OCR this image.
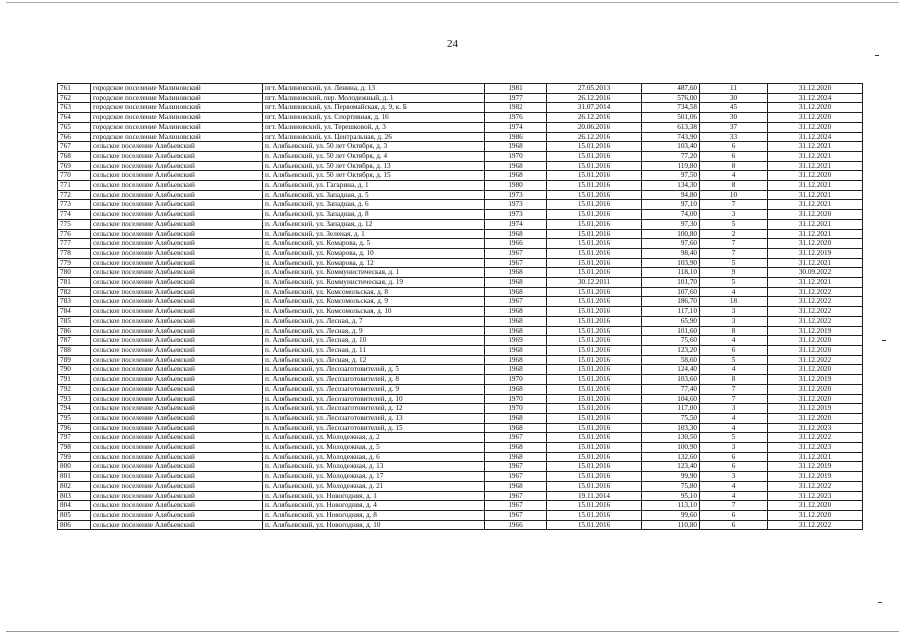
24
761	городское поселение Малиновский	пгт. Малиновский, ул. Ленина, д. 13	1981	27.05.2013	487,60	11	31.12.2020
762	городское поселение Малиновский	пгт. Малиновский, пер. Молодежный, д. 1	1977	26.12.2016	576,00	30	31.12.2024
763	городское поселение Малиновский	пгт. Малиновский, ул. Первомайская, д. 9, к. Б	1982	31.07.2014	734,58	45	31.12.2020
764	городское поселение Малиновский	пгт. Малиновский, ул. Спортивная, д. 16	1976	26.12.2016	501,06	30	31.12.2020
765	городское поселение Малиновский	пгт. Малиновский, ул. Терешковой, д. 3	1974	20.06.2016	613,38	37	31.12.2020
766	городское поселение Малиновский	пгт. Малиновский, ул. Центральная, д. 26	1986	26.12.2016	743,90	33	31.12.2024
767	сельское поселение Алябьевский	п. Алябьевский, ул. 50 лет Октября, д. 3	1968	15.01.2016	103,40	6	31.12.2021
768	сельское поселение Алябьевский	п. Алябьевский, ул. 50 лет Октября, д. 4	1970	15.01.2016	77,20	6	31.12.2021
769	сельское поселение Алябьевский	п. Алябьевский, ул. 50 лет Октября, д. 13	1968	15.01.2016	119,80	8	31.12.2021
770	сельское поселение Алябьевский	п. Алябьевский, ул. 50 лет Октября, д. 15	1968	15.01.2016	97,50	4	31.12.2020
771	сельское поселение Алябьевский	п. Алябьевский, ул. Гагарина, д. 1	1980	15.01.2016	134,30	8	31.12.2021
772	сельское поселение Алябьевский	п. Алябьевский, ул. Западная, д. 5	1973	15.01.2016	94,80	10	31.12.2021
773	сельское поселение Алябьевский	п. Алябьевский, ул. Западная, д. 6	1973	15.01.2016	97,10	7	31.12.2021
774	сельское поселение Алябьевский	п. Алябьевский, ул. Западная, д. 8	1973	15.01.2016	74,00	3	31.12.2020
775	сельское поселение Алябьевский	п. Алябьевский, ул. Западная, д. 12	1974	15.01.2016	97,30	5	31.12.2021
776	сельское поселение Алябьевский	п. Алябьевский, ул. Зеленая, д. 1	1968	15.01.2016	100,80	2	31.12.2021
777	сельское поселение Алябьевский	п. Алябьевский, ул. Комарова, д. 5	1966	15.01.2016	97,60	7	31.12.2020
778	сельское поселение Алябьевский	п. Алябьевский, ул. Комарова, д. 10	1967	15.01.2016	98,40	7	31.12.2019
779	сельское поселение Алябьевский	п. Алябьевский, ул. Комарова, д. 12	1967	15.01.2016	103,90	5	31.12.2021
780	сельское поселение Алябьевский	п. Алябьевский, ул. Коммунистическая, д. 1	1968	15.01.2016	118,10	9	30.09.2022
781	сельское поселение Алябьевский	п. Алябьевский, ул. Коммунистическая, д. 19	1968	30.12.2011	101,70	5	31.12.2021
782	сельское поселение Алябьевский	п. Алябьевский, ул. Комсомольская, д. 8	1968	15.01.2016	107,60	4	31.12.2022
783	сельское поселение Алябьевский	п. Алябьевский, ул. Комсомольская, д. 9	1967	15.01.2016	186,70	18	31.12.2022
784	сельское поселение Алябьевский	п. Алябьевский, ул. Комсомольская, д. 10	1968	15.01.2016	117,10	3	31.12.2022
785	сельское поселение Алябьевский	п. Алябьевский, ул. Лесная, д. 7	1968	15.01.2016	65,90	3	31.12.2022
786	сельское поселение Алябьевский	п. Алябьевский, ул. Лесная, д. 9	1968	15.01.2016	101,60	8	31.12.2019
787	сельское поселение Алябьевский	п. Алябьевский, ул. Лесная, д. 10	1969	15.01.2016	75,60	4	31.12.2020
788	сельское поселение Алябьевский	п. Алябьевский, ул. Лесная, д. 11	1968	15.01.2016	123,20	6	31.12.2020
789	сельское поселение Алябьевский	п. Алябьевский, ул. Лесная, д. 12	1968	15.01.2016	58,60	5	31.12.2022
790	сельское поселение Алябьевский	п. Алябьевский, ул. Лесозаготовителей, д. 5	1968	15.01.2016	124,40	4	31.12.2020
791	сельское поселение Алябьевский	п. Алябьевский, ул. Лесозаготовителей, д. 8	1970	15.01.2016	103,60	8	31.12.2019
792	сельское поселение Алябьевский	п. Алябьевский, ул. Лесозаготовителей, д. 9	1968	15.01.2016	77,40	7	31.12.2020
793	сельское поселение Алябьевский	п. Алябьевский, ул. Лесозаготовителей, д. 10	1970	15.01.2016	104,60	7	31.12.2020
794	сельское поселение Алябьевский	п. Алябьевский, ул. Лесозаготовителей, д. 12	1970	15.01.2016	117,00	3	31.12.2019
795	сельское поселение Алябьевский	п. Алябьевский, ул. Лесозаготовителей, д. 13	1968	15.01.2016	75,50	4	31.12.2020
796	сельское поселение Алябьевский	п. Алябьевский, ул. Лесозаготовителей, д. 15	1968	15.01.2016	103,30	4	31.12.2023
797	сельское поселение Алябьевский	п. Алябьевский, ул. Молодежная, д. 2	1967	15.01.2016	130,50	5	31.12.2022
798	сельское поселение Алябьевский	п. Алябьевский, ул. Молодежная, д. 5	1968	15.01.2016	100,90	3	31.12.2023
799	сельское поселение Алябьевский	п. Алябьевский, ул. Молодежная, д. 6	1968	15.01.2016	132,60	6	31.12.2021
800	сельское поселение Алябьевский	п. Алябьевский, ул. Молодежная, д. 13	1967	15.01.2016	123,40	6	31.12.2019
801	сельское поселение Алябьевский	п. Алябьевский, ул. Молодежная, д. 17	1967	15.01.2016	99,90	3	31.12.2019
802	сельское поселение Алябьевский	п. Алябьевский, ул. Молодежная, д. 21	1968	15.01.2016	75,80	4	31.12.2022
803	сельское поселение Алябьевский	п. Алябьевский, ул. Новогодняя, д. 1	1967	19.11.2014	95,10	4	31.12.2023
804	сельское поселение Алябьевский	п. Алябьевский, ул. Новогодняя, д. 4	1967	15.01.2016	113,10	7	31.12.2020
805	сельское поселение Алябьевский	п. Алябьевский, ул. Новогодняя, д. 8	1967	15.01.2016	99,60	6	31.12.2020
806	сельское поселение Алябьевский	п. Алябьевский, ул. Новогодняя, д. 10	1966	15.01.2016	110,80	6	31.12.2022
